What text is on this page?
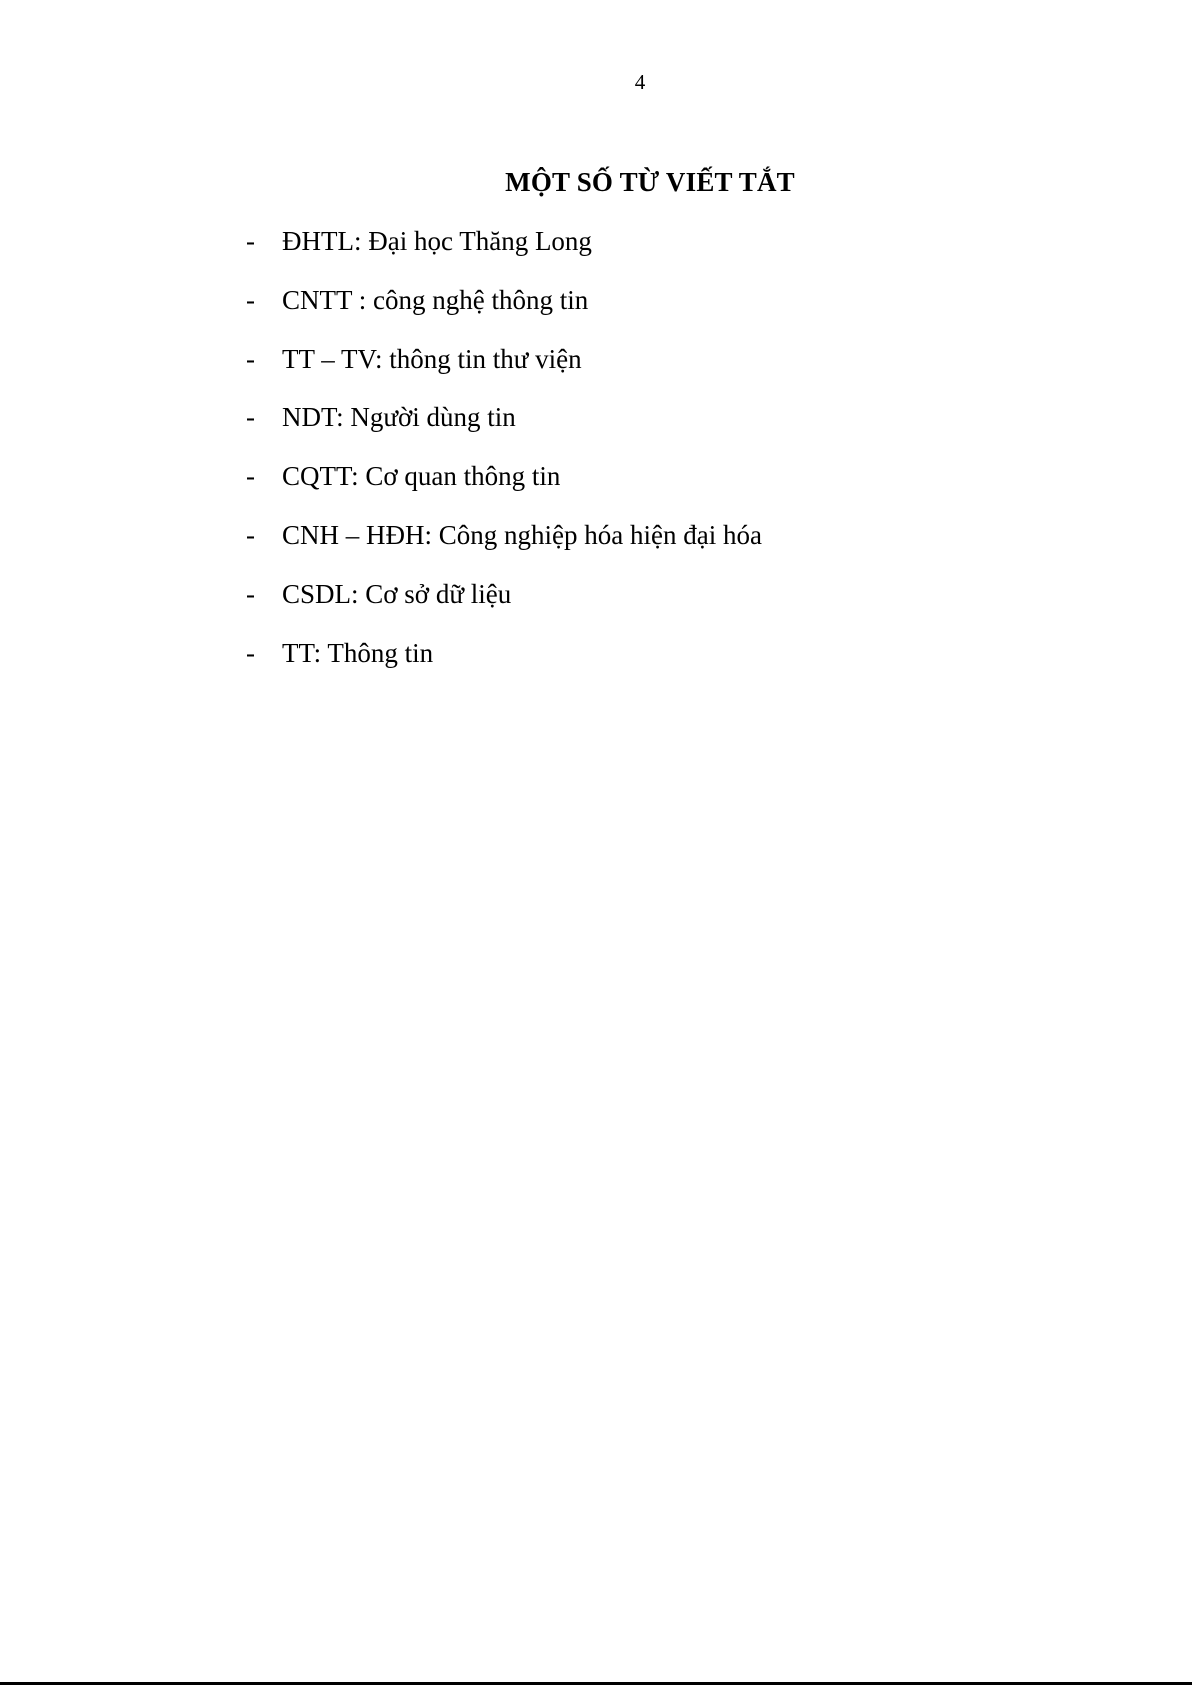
4
MỘT SỐ TỪ VIẾT TẮT
- ĐHTL: Đại học Thăng Long
- CNTT : công nghệ thông tin
- TT – TV: thông tin thư viện
- NDT: Người dùng tin
- CQTT: Cơ quan thông tin
- CNH – HĐH: Công nghiệp hóa hiện đại hóa
- CSDL: Cơ sở dữ liệu
- TT: Thông tin
